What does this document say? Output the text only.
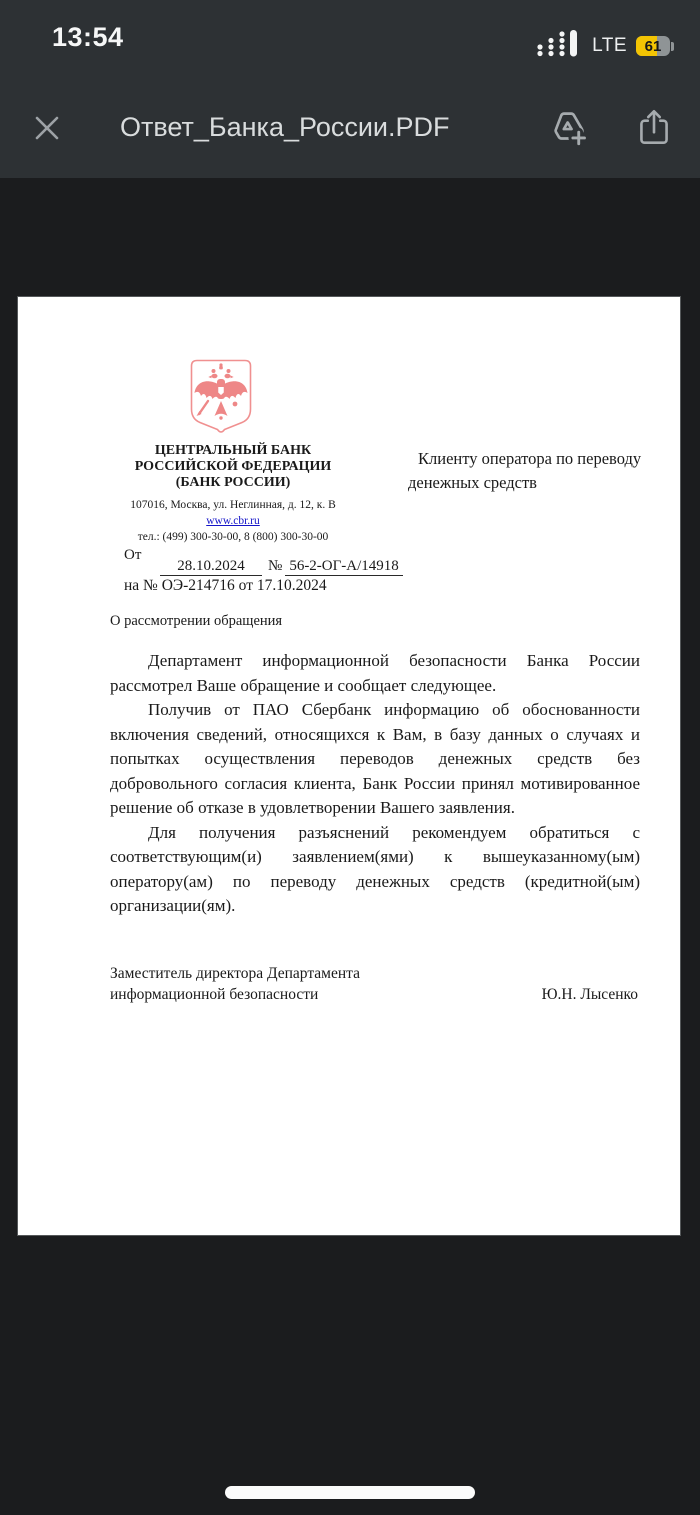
13:54	LTE	61
Ответ_Банка_России.PDF
ЦЕНТРАЛЬНЫЙ БАНК
РОССИЙСКОЙ ФЕДЕРАЦИИ
(БАНК РОССИИ)
107016, Москва, ул. Неглинная, д. 12, к. В
www.cbr.ru
тел.: (499) 300-30-00, 8 (800) 300-30-00
Клиенту оператора по переводу
денежных средств
От
28.10.2024 № 56-2-ОГ-А/14918
на № ОЭ-214716 от 17.10.2024
О рассмотрении обращения

Департамент информационной безопасности Банка России рассмотрел Ваше обращение и сообщает следующее.

Получив от ПАО Сбербанк информацию об обоснованности включения сведений, относящихся к Вам, в базу данных о случаях и попытках осуществления переводов денежных средств без добровольного согласия клиента, Банк России принял мотивированное решение об отказе в удовлетворении Вашего заявления.

Для получения разъяснений рекомендуем обратиться с соответствующим(и) заявлением(ями) к вышеуказанному(ым) оператору(ам) по переводу денежных средств (кредитной(ым) организации(ям).

Заместитель директора Департамента
информационной безопасности	Ю.Н. Лысенко
